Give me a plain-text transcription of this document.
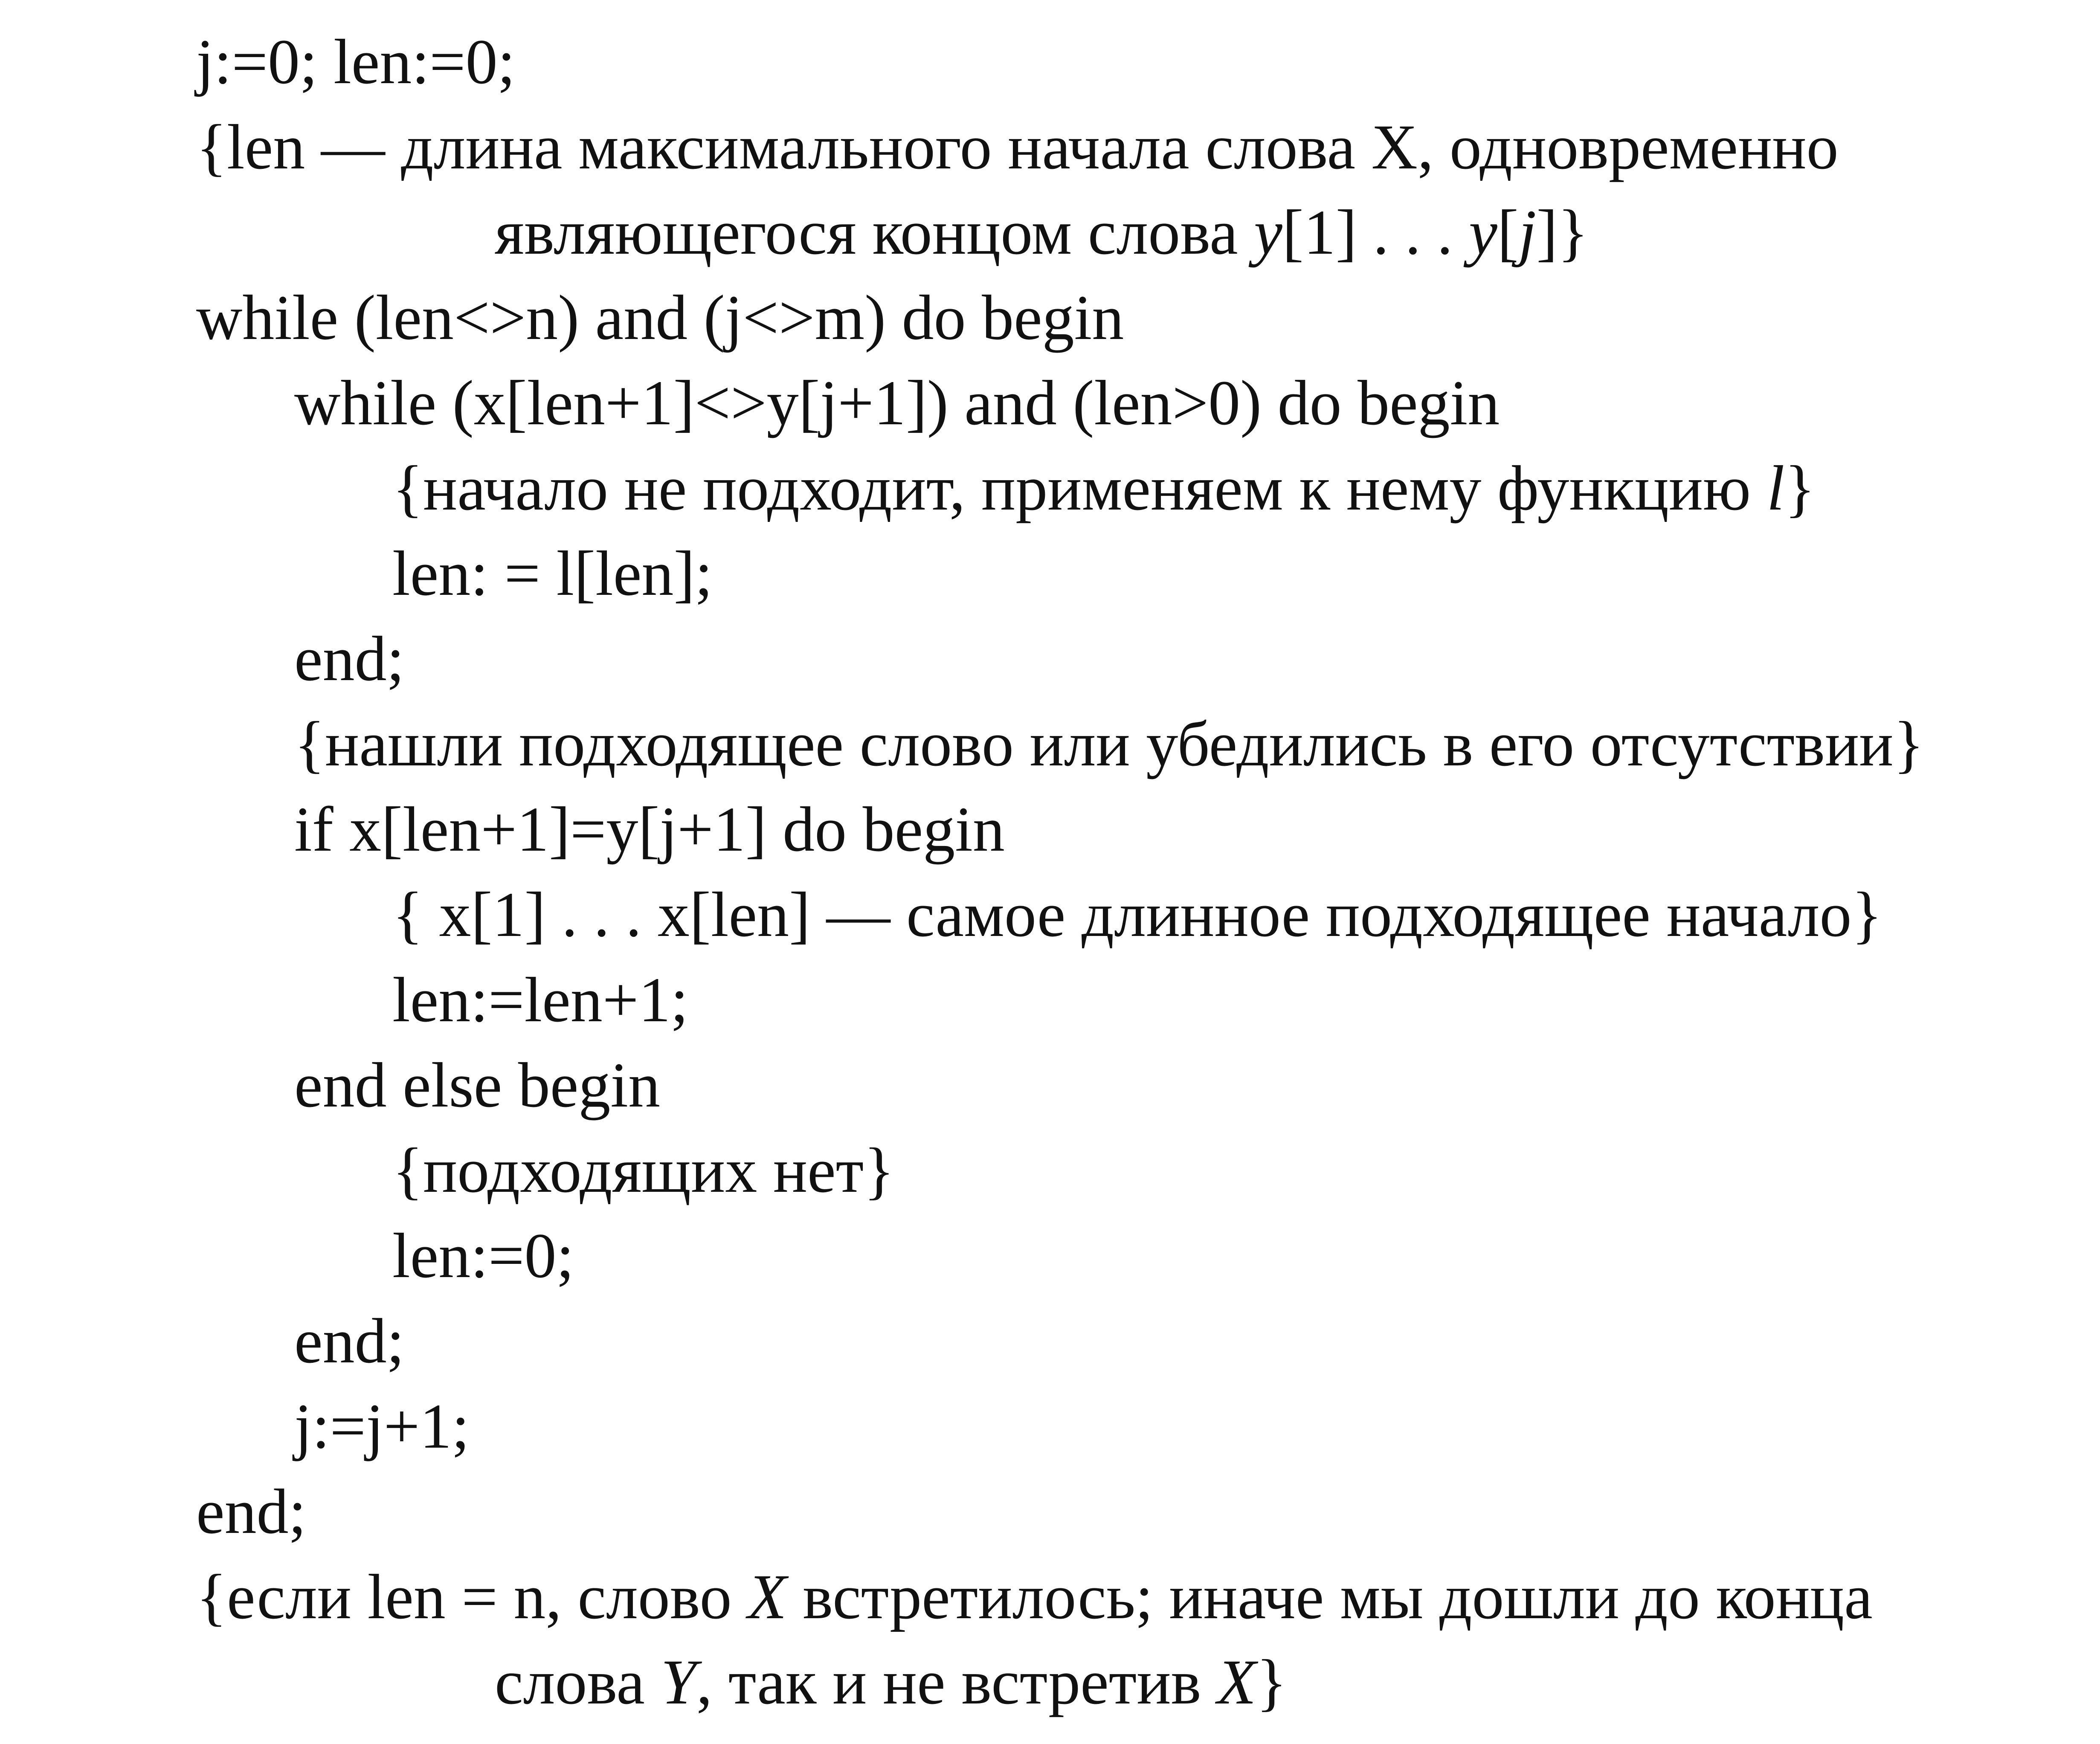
j:=0; len:=0;

{len — длина максимального начала слова X, одновременно

являющегося концом слова y[1] . . . y[j]}

while (len<>n) and (j<>m) do begin

while (x[len+1]<>y[j+1]) and (len>0) do begin

{начало не подходит, применяем к нему функцию l}

len: = l[len];

end;

{нашли подходящее слово или убедились в его отсутствии}

if x[len+1]=y[j+1] do begin

{ x[1] . . . x[len] — самое длинное подходящее начало}

len:=len+1;

end else begin

{подходящих нет}

len:=0;

end;

j:=j+1;

end;

{если len = n, слово X встретилось; иначе мы дошли до конца

слова Y, так и не встретив X}
